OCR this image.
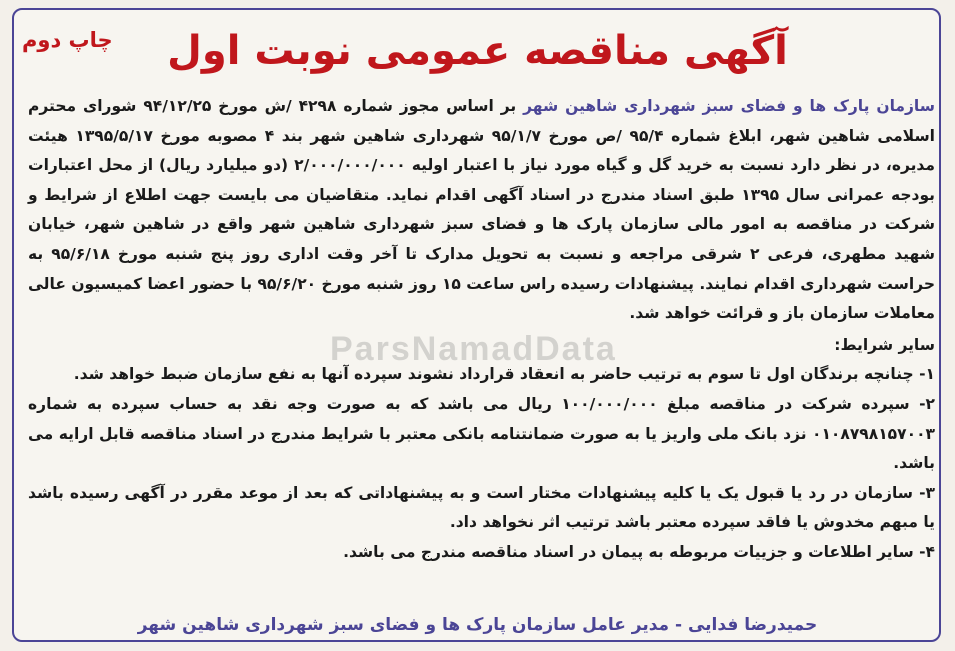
چاپ دوم	آگهی مناقصه عمومی نوبت اول
ParsNamadData
سازمان پارک ها و فضای سبز شهرداری شاهین شهر بر اساس مجوز شماره ۴۲۹۸ /ش مورخ ۹۴/۱۲/۲۵ شورای محترم اسلامی شاهین شهر، ابلاغ شماره ۹۵/۴ /ص مورخ ۹۵/۱/۷ شهرداری شاهین شهر بند ۴ مصوبه مورخ ۱۳۹۵/۵/۱۷ هیئت مدیره، در نظر دارد نسبت به خرید گل و گیاه مورد نیاز با اعتبار اولیه ۲/۰۰۰/۰۰۰/۰۰۰ (دو میلیارد ریال) از محل اعتبارات بودجه عمرانی سال ۱۳۹۵ طبق اسناد مندرج در اسناد آگهی اقدام نماید. متقاضیان می بایست جهت اطلاع از شرایط و شرکت در مناقصه به امور مالی سازمان پارک ها و فضای سبز شهرداری شاهین شهر واقع در شاهین شهر، خیابان شهید مطهری، فرعی ۲ شرقی مراجعه و نسبت به تحویل مدارک تا آخر وقت اداری روز پنج شنبه مورخ ۹۵/۶/۱۸ به حراست شهرداری اقدام نمایند. پیشنهادات رسیده راس ساعت ۱۵ روز شنبه مورخ ۹۵/۶/۲۰ با حضور اعضا کمیسیون عالی معاملات سازمان باز و قرائت خواهد شد.
سایر شرایط:
۱- چنانچه برندگان اول تا سوم به ترتیب حاضر به انعقاد قرارداد نشوند سپرده آنها به نفع سازمان ضبط خواهد شد.
۲- سپرده شرکت در مناقصه مبلغ ۱۰۰/۰۰۰/۰۰۰ ریال می باشد که به صورت وجه نقد به حساب سپرده به شماره ۰۱۰۸۷۹۸۱۵۷۰۰۳ نزد بانک ملی واریز یا به صورت ضمانتنامه بانکی معتبر با شرایط مندرج در اسناد مناقصه قابل ارایه می باشد.
۳- سازمان در رد یا قبول یک یا کلیه پیشنهادات مختار است و به پیشنهاداتی که بعد از موعد مقرر در آگهی رسیده باشد یا مبهم مخدوش یا فاقد سپرده معتبر باشد ترتیب اثر نخواهد داد.
۴- سایر اطلاعات و جزییات مربوطه به پیمان در اسناد مناقصه مندرج می باشد.
حمیدرضا فدایی - مدیر عامل سازمان پارک ها و فضای سبز شهرداری شاهین شهر
